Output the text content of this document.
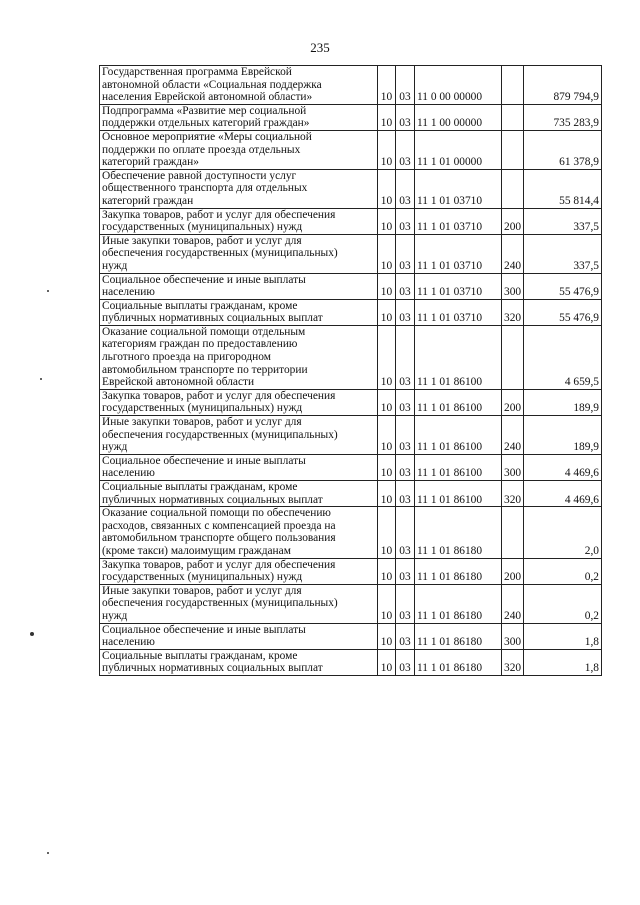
235
Государственная программа Еврейской
автономной области «Социальная поддержка
населения Еврейской автономной области»	10	03	11 0 00 00000		879 794,9
Подпрограмма «Развитие мер социальной
поддержки отдельных категорий граждан»	10	03	11 1 00 00000		735 283,9
Основное мероприятие «Меры социальной
поддержки по оплате проезда отдельных
категорий граждан»	10	03	11 1 01 00000		61 378,9
Обеспечение равной доступности услуг
общественного транспорта для отдельных
категорий граждан	10	03	11 1 01 03710		55 814,4
Закупка товаров, работ и услуг для обеспечения
государственных (муниципальных) нужд	10	03	11 1 01 03710	200	337,5
Иные закупки товаров, работ и услуг для
обеспечения государственных (муниципальных)
нужд	10	03	11 1 01 03710	240	337,5
Социальное обеспечение и иные выплаты
населению	10	03	11 1 01 03710	300	55 476,9
Социальные выплаты гражданам, кроме
публичных нормативных социальных выплат	10	03	11 1 01 03710	320	55 476,9
Оказание социальной помощи отдельным
категориям граждан по предоставлению
льготного проезда на пригородном
автомобильном транспорте по территории
Еврейской автономной области	10	03	11 1 01 86100		4 659,5
Закупка товаров, работ и услуг для обеспечения
государственных (муниципальных) нужд	10	03	11 1 01 86100	200	189,9
Иные закупки товаров, работ и услуг для
обеспечения государственных (муниципальных)
нужд	10	03	11 1 01 86100	240	189,9
Социальное обеспечение и иные выплаты
населению	10	03	11 1 01 86100	300	4 469,6
Социальные выплаты гражданам, кроме
публичных нормативных социальных выплат	10	03	11 1 01 86100	320	4 469,6
Оказание социальной помощи по обеспечению
расходов, связанных с компенсацией проезда на
автомобильном транспорте общего пользования
(кроме такси) малоимущим гражданам	10	03	11 1 01 86180		2,0
Закупка товаров, работ и услуг для обеспечения
государственных (муниципальных) нужд	10	03	11 1 01 86180	200	0,2
Иные закупки товаров, работ и услуг для
обеспечения государственных (муниципальных)
нужд	10	03	11 1 01 86180	240	0,2
Социальное обеспечение и иные выплаты
населению	10	03	11 1 01 86180	300	1,8
Социальные выплаты гражданам, кроме
публичных нормативных социальных выплат	10	03	11 1 01 86180	320	1,8
